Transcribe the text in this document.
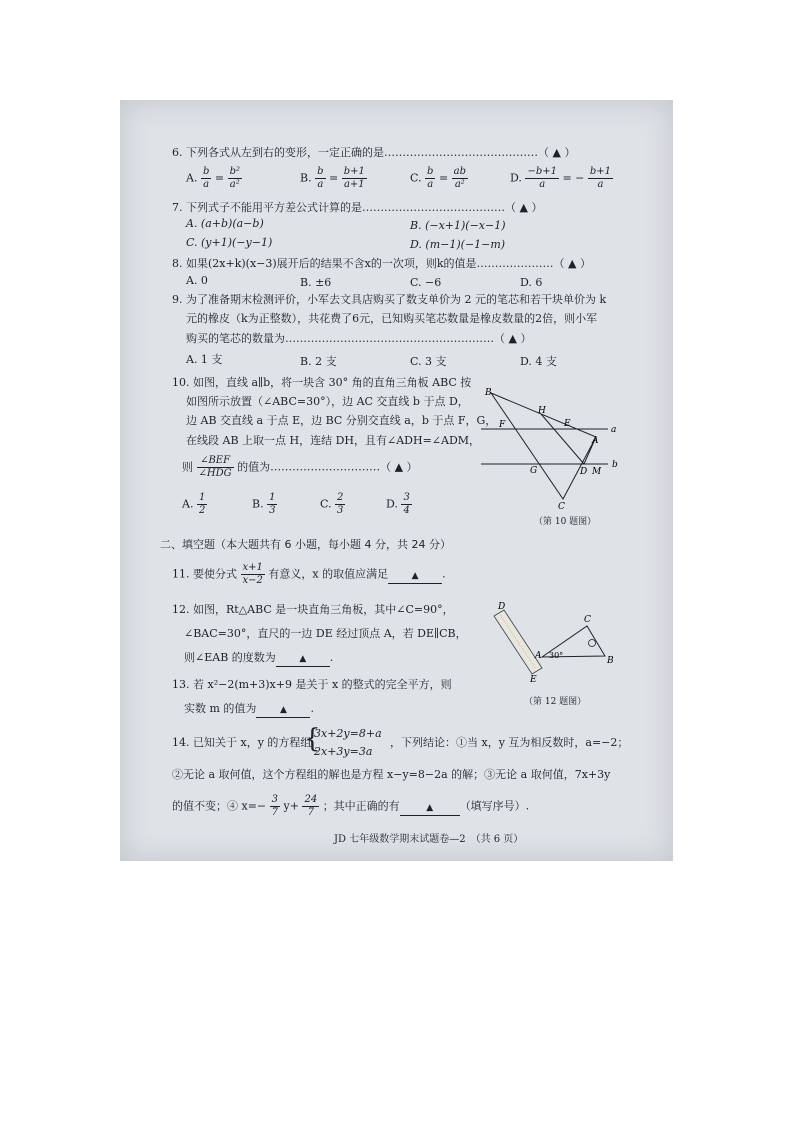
6. 下列各式从左到右的变形，一定正确的是……………………………………（ ▲ ）
A. $\frac{b}{a} = \frac{\text{b²}}{\text{a²}}$	B. $\frac{b}{a} = \frac{b+1}{a+1}$	C. $\frac{b}{a} = \frac{ab}{\text{a²}}$	D. $\frac{-b+1}{a}$ = − $\frac{b+1}{a}$
7. 下列式子不能用平方差公式计算的是…………………………………（ ▲ ）
A. (a+b)(a−b)	B. (−x+1)(−x−1)
C. (y+1)(−y−1)	D. (m−1)(−1−m)
8. 如果(2x+k)(x−3)展开后的结果不含x的一次项，则k的值是…………………（ ▲ ）
A. 0	B. ±6	C. −6	D. 6
9. 为了准备期末检测评价，小军去文具店购买了数支单价为 2 元的笔芯和若干块单价为 k
元的橡皮（k为正整数），共花费了6元，已知购买笔芯数量是橡皮数量的2倍，则小军
购买的笔芯的数量为…………………………………………………（ ▲ ）
A. 1 支	B. 2 支	C. 3 支	D. 4 支
10. 如图，直线 a∥b，将一块含 30° 角的直角三角板 ABC 按
如图所示放置（∠ABC=30°），边 AC 交直线 b 于点 D，
边 AB 交直线 a 于点 E，边 BC 分别交直线 a，b 于点 F，G，
在线段 AB 上取一点 H，连结 DH，且有∠ADH=∠ADM，
则 $\frac{\text{∠BEF}}{\text{∠HDG}}$ 的值为…………………………（ ▲ ）
A. $\frac{1}{2}$	B. $\frac{1}{3}$	C. $\frac{2}{3}$	D. $\frac{3}{4}$
B
H
E
F
A
a
G	D M
b
C
（第 10 题图）
二、填空题（本大题共有 6 小题，每小题 4 分，共 24 分）
11. 要使分式 $\frac{x+1}{x-2}$ 有意义，x 的取值应满足	▲ .
12. 如图，Rt△ABC 是一块直角三角板，其中∠C=90°，
∠BAC=30°，直尺的一边 DE 经过顶点 A，若 DE∥CB，
则∠EAB 的度数为	▲ .
D
C
A 30°
B
E
（第 12 题图）
13. 若 x²−2(m+3)x+9 是关于 x 的整式的完全平方，则
实数 m 的值为	▲ .
14. 已知关于 x，y 的方程组
{
3x+2y=8+a
2x+3y=3a
，下列结论：①当 x，y 互为相反数时，a=−2；
②无论 a 取何值，这个方程组的解也是方程 x−y=8−2a 的解；③无论 a 取何值，7x+3y
的值不变；④ $x=- \frac{3}{7} y+ \frac{24}{7}$ ；其中正确的有	▲ （填写序号）.
JD 七年级数学期末试题卷—2　（共 6 页）
